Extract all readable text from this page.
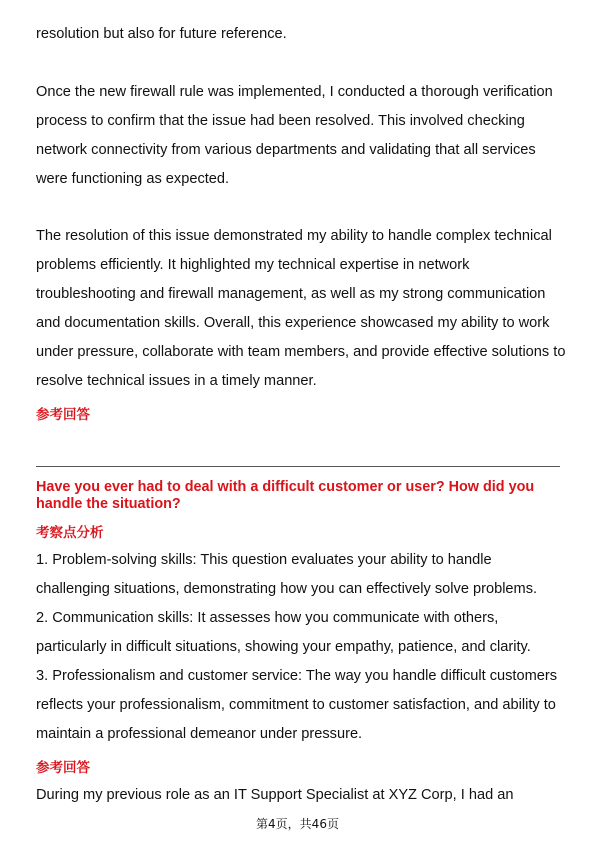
resolution but also for future reference.
Once the new firewall rule was implemented, I conducted a thorough verification
process to confirm that the issue had been resolved. This involved checking
network connectivity from various departments and validating that all services
were functioning as expected.
The resolution of this issue demonstrated my ability to handle complex technical
problems efficiently. It highlighted my technical expertise in network
troubleshooting and firewall management, as well as my strong communication
and documentation skills. Overall, this experience showcased my ability to work
under pressure, collaborate with team members, and provide effective solutions to
resolve technical issues in a timely manner.
参考回答
Have you ever had to deal with a difficult customer or user? How did you
handle the situation?
考察点分析
1. Problem-solving skills: This question evaluates your ability to handle
challenging situations, demonstrating how you can effectively solve problems.
2. Communication skills: It assesses how you communicate with others,
particularly in difficult situations, showing your empathy, patience, and clarity.
3. Professionalism and customer service: The way you handle difficult customers
reflects your professionalism, commitment to customer satisfaction, and ability to
maintain a professional demeanor under pressure.
参考回答
During my previous role as an IT Support Specialist at XYZ Corp, I had an
第4页，共46页
